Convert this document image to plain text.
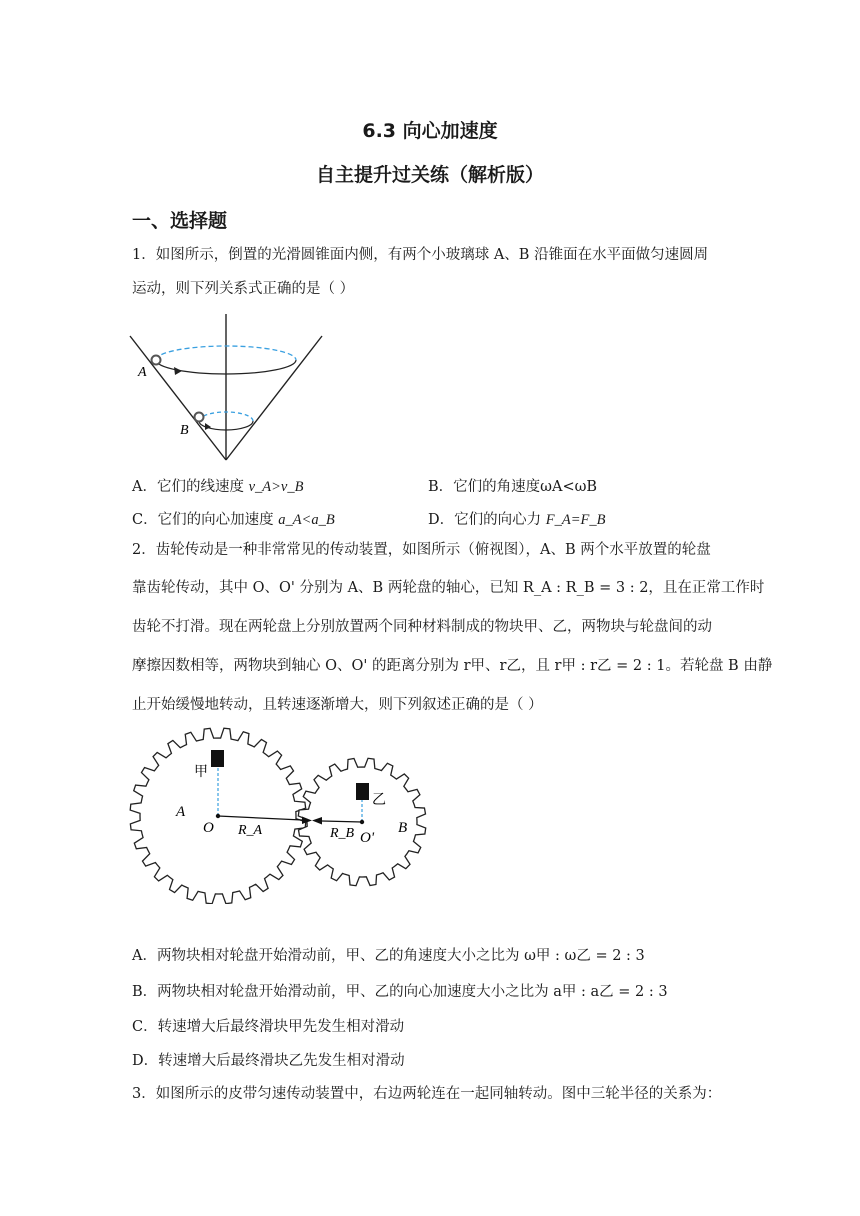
6.3 向心加速度
自主提升过关练（解析版）
一、选择题
1．如图所示，倒置的光滑圆锥面内侧，有两个小玻璃球 A、B 沿锥面在水平面做匀速圆周
运动，则下列关系式正确的是（ ）
A
B
A．它们的线速度 v_A>v_B	B．它们的角速度ωA<ωB
C．它们的向心加速度 a_A<a_B	D．它们的向心力 F_A=F_B
2．齿轮传动是一种非常常见的传动装置，如图所示（俯视图），A、B 两个水平放置的轮盘
靠齿轮传动，其中 O、O' 分别为 A、B 两轮盘的轴心，已知 R_A : R_B = 3 : 2，且在正常工作时
齿轮不打滑。现在两轮盘上分别放置两个同种材料制成的物块甲、乙，两物块与轮盘间的动
摩擦因数相等，两物块到轴心 O、O' 的距离分别为 r甲、r乙，且 r甲 : r乙 = 2 : 1。若轮盘 B 由静
止开始缓慢地转动，且转速逐渐增大，则下列叙述正确的是（ ）
甲
乙
A
B
O
O'
R_A	R_B
A．两物块相对轮盘开始滑动前，甲、乙的角速度大小之比为 ω甲 : ω乙 = 2 : 3
B．两物块相对轮盘开始滑动前，甲、乙的向心加速度大小之比为 a甲 : a乙 = 2 : 3
C．转速增大后最终滑块甲先发生相对滑动
D．转速增大后最终滑块乙先发生相对滑动
3．如图所示的皮带匀速传动装置中，右边两轮连在一起同轴转动。图中三轮半径的关系为：
